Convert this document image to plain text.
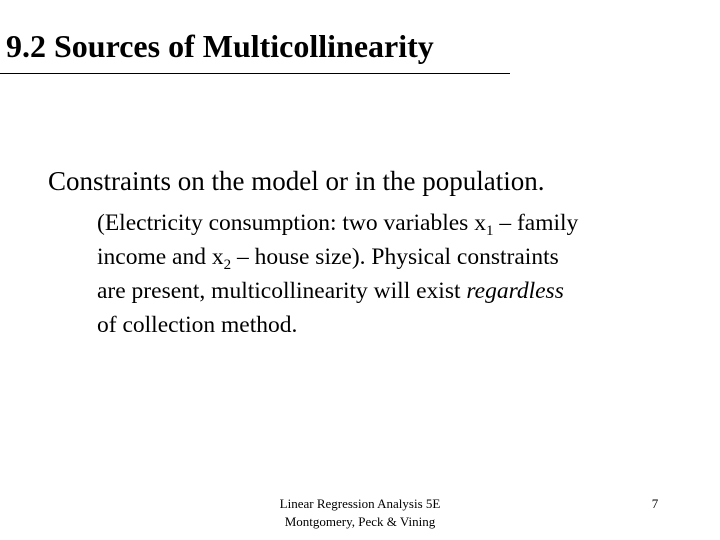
9.2 Sources of Multicollinearity
Constraints on the model or in the population.
(Electricity consumption: two variables $x_1$ – family
income and $x_2$ – house size). Physical constraints
are present, multicollinearity will exist regardless
of collection method.
Linear Regression Analysis 5E
Montgomery, Peck & Vining
7
